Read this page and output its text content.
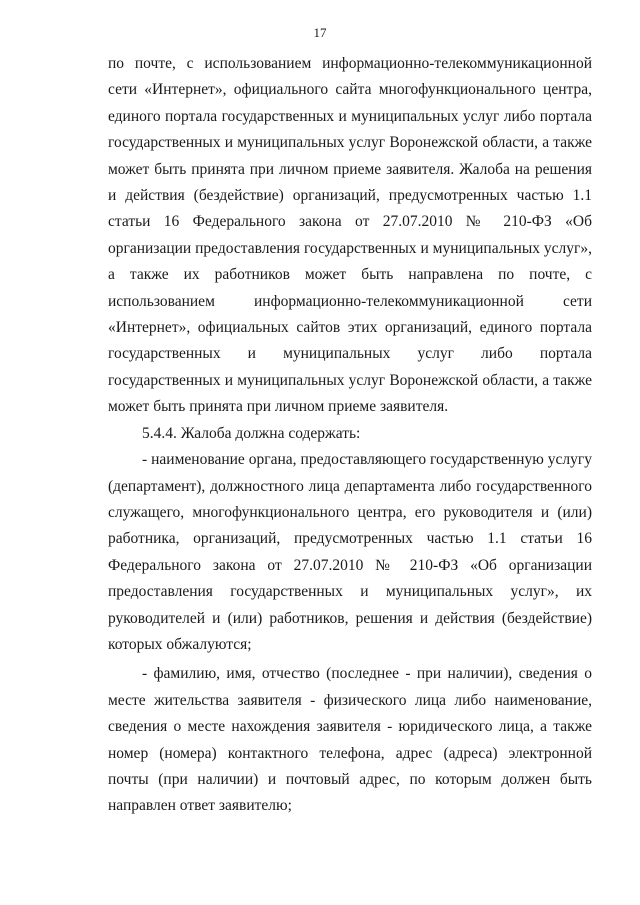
17

по почте, с использованием информационно-телекоммуникационной сети «Интернет», официального сайта многофункционального центра, единого портала государственных и муниципальных услуг либо портала государственных и муниципальных услуг Воронежской области, а также может быть принята при личном приеме заявителя. Жалоба на решения и действия (бездействие) организаций, предусмотренных частью 1.1 статьи 16 Федерального закона от 27.07.2010 № 210-ФЗ «Об организации предоставления государственных и муниципальных услуг», а также их работников может быть направлена по почте, с использованием информационно-телекоммуникационной сети «Интернет», официальных сайтов этих организаций, единого портала государственных и муниципальных услуг либо портала государственных и муниципальных услуг Воронежской области, а также может быть принята при личном приеме заявителя.

5.4.4. Жалоба должна содержать:

- наименование органа, предоставляющего государственную услугу (департамент), должностного лица департамента либо государственного служащего, многофункционального центра, его руководителя и (или) работника, организаций, предусмотренных частью 1.1 статьи 16 Федерального закона от 27.07.2010 № 210-ФЗ «Об организации предоставления государственных и муниципальных услуг», их руководителей и (или) работников, решения и действия (бездействие) которых обжалуются;

- фамилию, имя, отчество (последнее - при наличии), сведения о месте жительства заявителя - физического лица либо наименование, сведения о месте нахождения заявителя - юридического лица, а также номер (номера) контактного телефона, адрес (адреса) электронной почты (при наличии) и почтовый адрес, по которым должен быть направлен ответ заявителю;
